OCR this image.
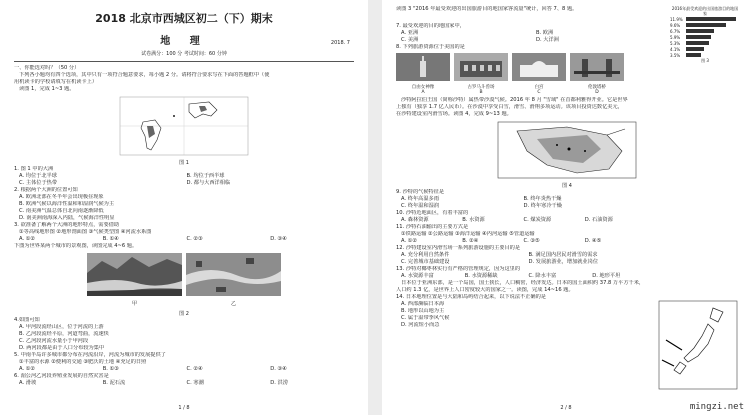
2018 北京市西城区初二（下）期末
地 理
试卷满分：100 分 考试时间：60 分钟
2018. 7

一、你能选对吗？（50 分）

下列各小题均有四个选项，其中只有一项符合题意要求，每小题 2 分。请将符合要求写在下面的答题框中（使

用机读卡的学校请填写在机读卡上）

读图 1，完成 1~3 题。

图 1

1. 图 1 中的大洲

A. 均位于北半球	B. 均位于西半球
C. 主体位于热带	D. 都与大西洋相临

2. 根据两个大洲的位置可知

A. 欧洲北部在冬半年会出现极昼现象

B. 欧洲气候以海洋性温和和湿润气候为主

C. 南美洲气温总体自北向南逐渐降低

D. 南美洲南海深入内陆，气候海洋性明显

3. 欲准备了解两个大洲的地形特点，需要借助

①等高线地形图 ②地形剖面图 ③气候类型图 ④河流水系图

A. ①②	B. ①④	C. ②③	D. ③④

下图为世界某两个城市的景观图，读图完成 4~6 题。

甲	乙
图 2

4.如图可知

A. 甲河段流经山区，位于河流的上游

B. 乙河段流经平原，河道弯曲，流速快

C. 乙河段河流水量小于甲河段

D. 两河段都是由于人口分布较为集中

5. 中南半岛许多城市都分布在河流沿岸，河流为城市的发展提供了

①丰富的水源 ②便利的交通 ③肥沃的土地 ④充足的日照

A. ①②	B. ①③	C. ②④	D. ③④

6. 湄公河乙河段养殖业发展的自然灾害是

A. 滑坡	B. 泥石流	C. 寒潮	D. 洪涝
1 / 8

读图 3 "2016 年最受欢迎的出国旅游目的地国家客流量"统计，回答 7、8 题。	2016年最受欢迎的出国旅游目的地国家
11.9%
9.6%
6.7%
5.9%
5.3%
4.1%
3.5%
图 3

7. 最受欢迎的目的地国家中，

A. 亚洲	B. 欧洲
C. 美洲	D. 大洋洲

8. 下列旅游资源位于美国的是

自由女神像
A
古罗马斗兽场
B
白宫
C
伦敦塔桥
D

沙特阿拉伯王国（简称沙特）属热带沙漠气候。2016 年 8 月 "雪域" 在首都利雅得开业。它是世界

上独有（独享 1.7 亿人民币）。在沙漠中享受白雪，滑雪、滑翔多项运动。该项目投资达数亿美元，

在沙特建设室内滑雪场。读图 4，完成 9~13 题。

图 4

9. 沙特的气候特征是

A. 终年高温多雨	B. 终年炎热干燥
C. 终年温和湿润	D. 终年寒冷干燥

10. 沙特近地面区，有着丰富的

A. 森林资源	B. 水资源	C. 煤炭资源	D. 石油资源

11. 沙特石油输出的主要方式是

①铁路运输 ②公路运输 ③海洋运输 ④内河运输 ⑤管道运输

A. ①②	B. ②④	C. ③⑤	D. ④⑤

12. 沙特建设室内滑雪场一系列旅游设施的主要目的是

A. 充分利用自然条件	B. 满足国内居民对滑雪的需求
C. 完善城市基础建设	D. 发展旅游业，增加就业岗位

13. 沙特对椰枣林实行有严格的管理规定，因为这里的

A. 水资源丰富	B. 水资源稀缺	C. 降水丰富	D. 地形平坦

日本位于亚洲东部，是一个岛国，国土狭长，人口稠密，经济发达。日本的国土面积约 37.8 万平方千米，

人口约 1.3 亿，是世界上人口密度较大的国家之一。读图，完成 14~16 题。

14. 日本地理位置是与大陆和岛屿结合起来，以下说法不正确的是

A. 西部濒临日本海

B. 地形以山地为主

C. 属于温带季风气候

D. 河流短小而急

2 / 8	mingzi.net
